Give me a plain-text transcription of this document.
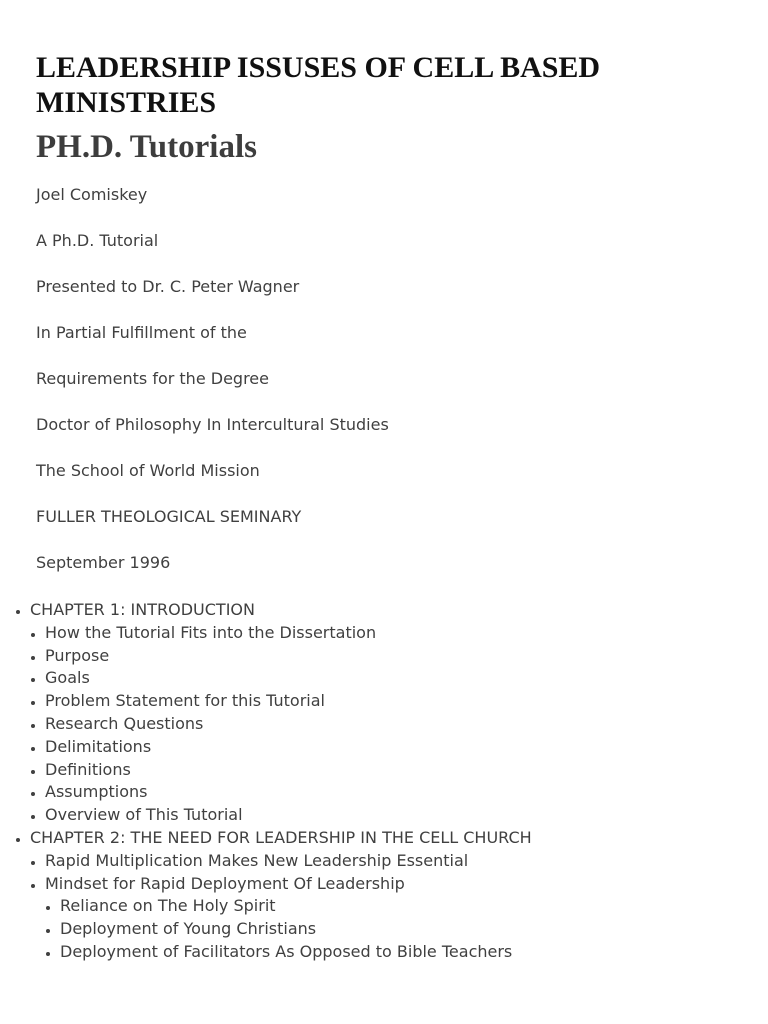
LEADERSHIP ISSUSES OF CELL BASED MINISTRIES
PH.D. Tutorials

Joel Comiskey

A Ph.D. Tutorial

Presented to Dr. C. Peter Wagner

In Partial Fulfillment of the

Requirements for the Degree

Doctor of Philosophy In Intercultural Studies

The School of World Mission

FULLER THEOLOGICAL SEMINARY

September 1996

• CHAPTER 1: INTRODUCTION
• How the Tutorial Fits into the Dissertation
• Purpose
• Goals
• Problem Statement for this Tutorial
• Research Questions
• Delimitations
• Definitions
• Assumptions
• Overview of This Tutorial
• CHAPTER 2: THE NEED FOR LEADERSHIP IN THE CELL CHURCH
• Rapid Multiplication Makes New Leadership Essential
• Mindset for Rapid Deployment Of Leadership
• Reliance on The Holy Spirit
• Deployment of Young Christians
• Deployment of Facilitators As Opposed to Bible Teachers
